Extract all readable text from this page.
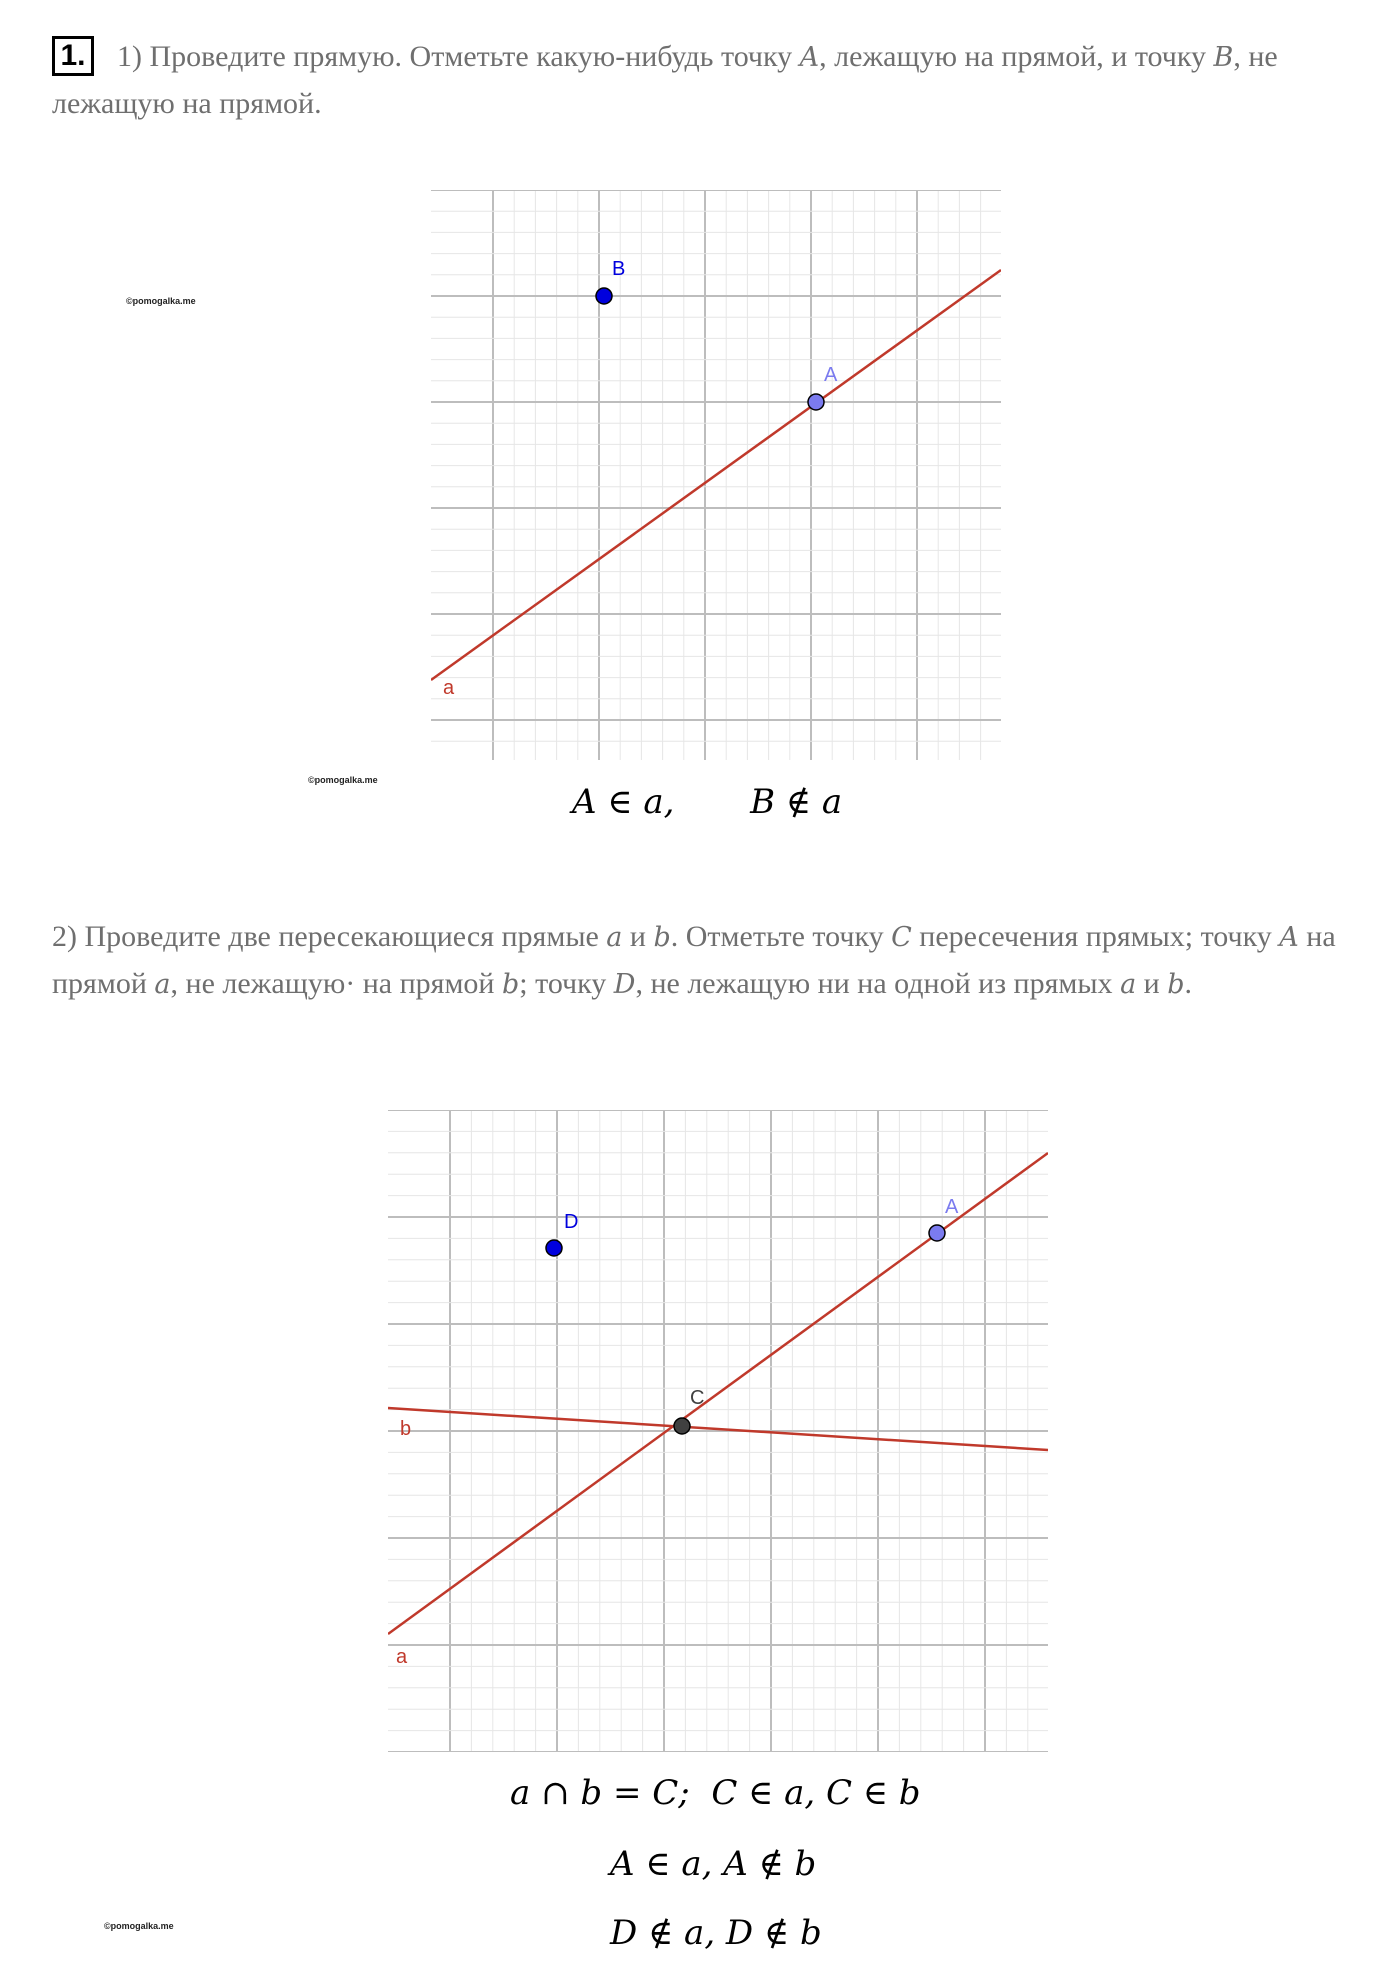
1.	1) Проведите прямую. Отметьте какую-нибудь точку A, лежащую на прямой, и точку B, не лежащую на прямой.
©pomogalka.me
a
B
A
©pomogalka.me
A ∈ a,       B ∉ a
2) Проведите две пересекающиеся прямые a и b. Отметьте точку C пересечения прямых; точку A на прямой a, не лежащую· на прямой b; точку D, не лежащую ни на одной из прямых a и b.
a
b
D
A
C
a ∩ b = C;  C ∈ a, C ∈ b
A ∈ a, A ∉ b
D ∉ a, D ∉ b
©pomogalka.me
